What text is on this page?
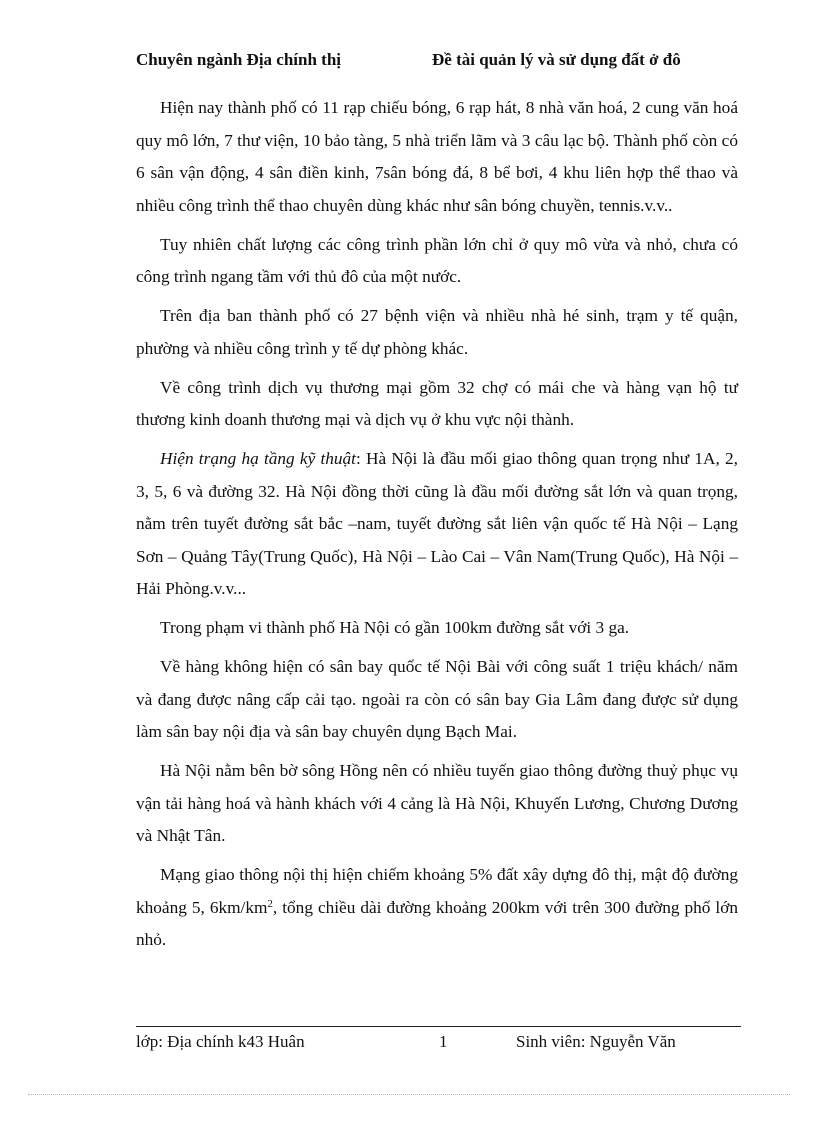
Chuyên ngành Địa chính thị	Đề tài quản lý và sử dụng đất ở đô

Hiện nay thành phố có 11 rạp chiếu bóng, 6 rạp hát, 8 nhà văn hoá, 2 cung văn hoá quy mô lớn, 7 thư viện, 10 bảo tàng, 5 nhà triển lãm và 3 câu lạc bộ. Thành phố còn có 6 sân vận động, 4 sân điền kinh, 7sân bóng đá, 8 bể bơi, 4 khu liên hợp thể thao và nhiều công trình thể thao chuyên dùng khác như sân bóng chuyền, tennis.v.v..

Tuy nhiên chất lượng các công trình phần lớn chỉ ở quy mô vừa và nhỏ, chưa có công trình ngang tầm với thủ đô của một nước.

Trên địa ban thành phố có 27 bệnh viện và nhiều nhà hé sinh, trạm y tế quận, phường và nhiều công trình y tế dự phòng khác.

Về công trình dịch vụ thương mại gồm 32 chợ có mái che và hàng vạn hộ tư thương kinh doanh thương mại và dịch vụ ở khu vực nội thành.

Hiện trạng hạ tầng kỹ thuật: Hà Nội là đầu mối giao thông quan trọng như 1A, 2, 3, 5, 6 và đường 32. Hà Nội đồng thời cũng là đầu mối đường sắt lớn và quan trọng, nằm trên tuyết đường sắt bắc –nam, tuyết đường sắt liên vận quốc tế Hà Nội – Lạng Sơn – Quảng Tây(Trung Quốc), Hà Nội – Lào Cai – Vân Nam(Trung Quốc), Hà Nội – Hải Phòng.v.v...

Trong phạm vi thành phố Hà Nội có gần 100km đường sắt với 3 ga.

Về hàng không hiện có sân bay quốc tế Nội Bài với công suất 1 triệu khách/ năm và đang được nâng cấp cải tạo. ngoài ra còn có sân bay Gia Lâm đang được sử dụng làm sân bay nội địa và sân bay chuyên dụng Bạch Mai.

Hà Nội nằm bên bờ sông Hồng nên có nhiều tuyến giao thông đường thuỷ phục vụ vận tải hàng hoá và hành khách với 4 cảng là Hà Nội, Khuyến Lương, Chương Dương và Nhật Tân.

Mạng giao thông nội thị hiện chiếm khoảng 5% đất xây dựng đô thị, mật độ đường khoảng 5, $6km/km^2$, tổng chiều dài đường khoảng 200km với trên 300 đường phố lớn nhỏ.

lớp: Địa chính k43 Huân	1	Sinh viên: Nguyễn Văn
